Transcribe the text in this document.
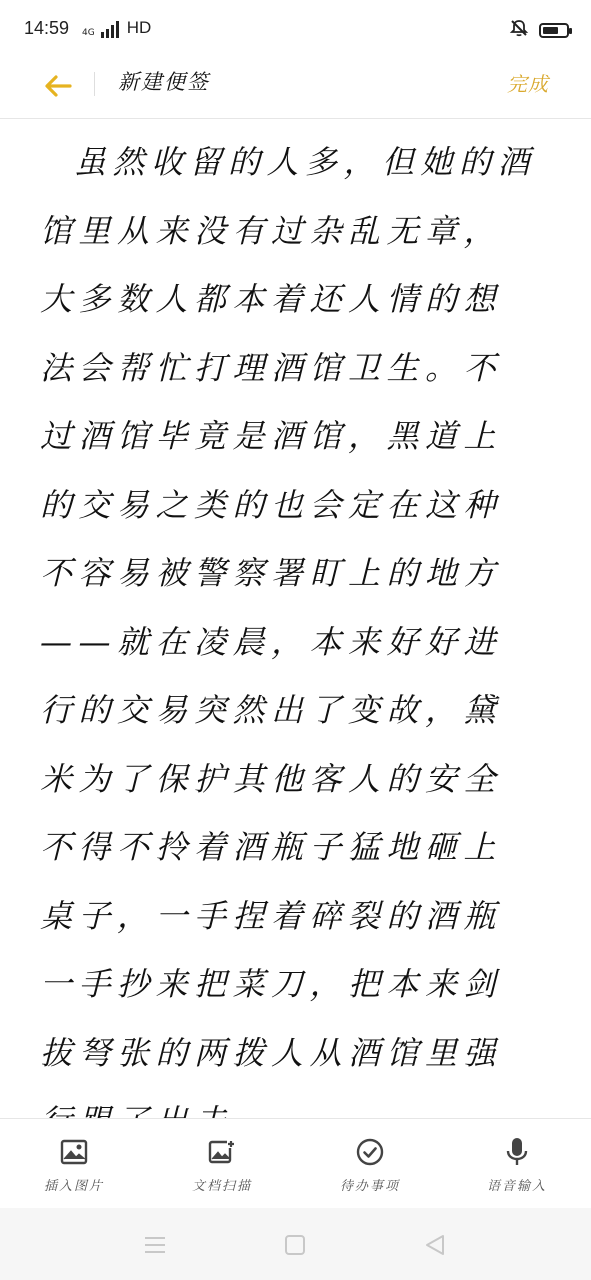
14:59 4G HD
新建便签	完成
虽然收留的人多，但她的酒馆里从来没有过杂乱无章，大多数人都本着还人情的想法会帮忙打理酒馆卫生。不过酒馆毕竟是酒馆，黑道上的交易之类的也会定在这种不容易被警察署盯上的地方——就在凌晨，本来好好进行的交易突然出了变故，黛米为了保护其他客人的安全不得不拎着酒瓶子猛地砸上桌子，一手捏着碎裂的酒瓶一手抄来把菜刀，把本来剑拔弩张的两拨人从酒馆里强
插入图片	文档扫描	待办事项	语音输入
